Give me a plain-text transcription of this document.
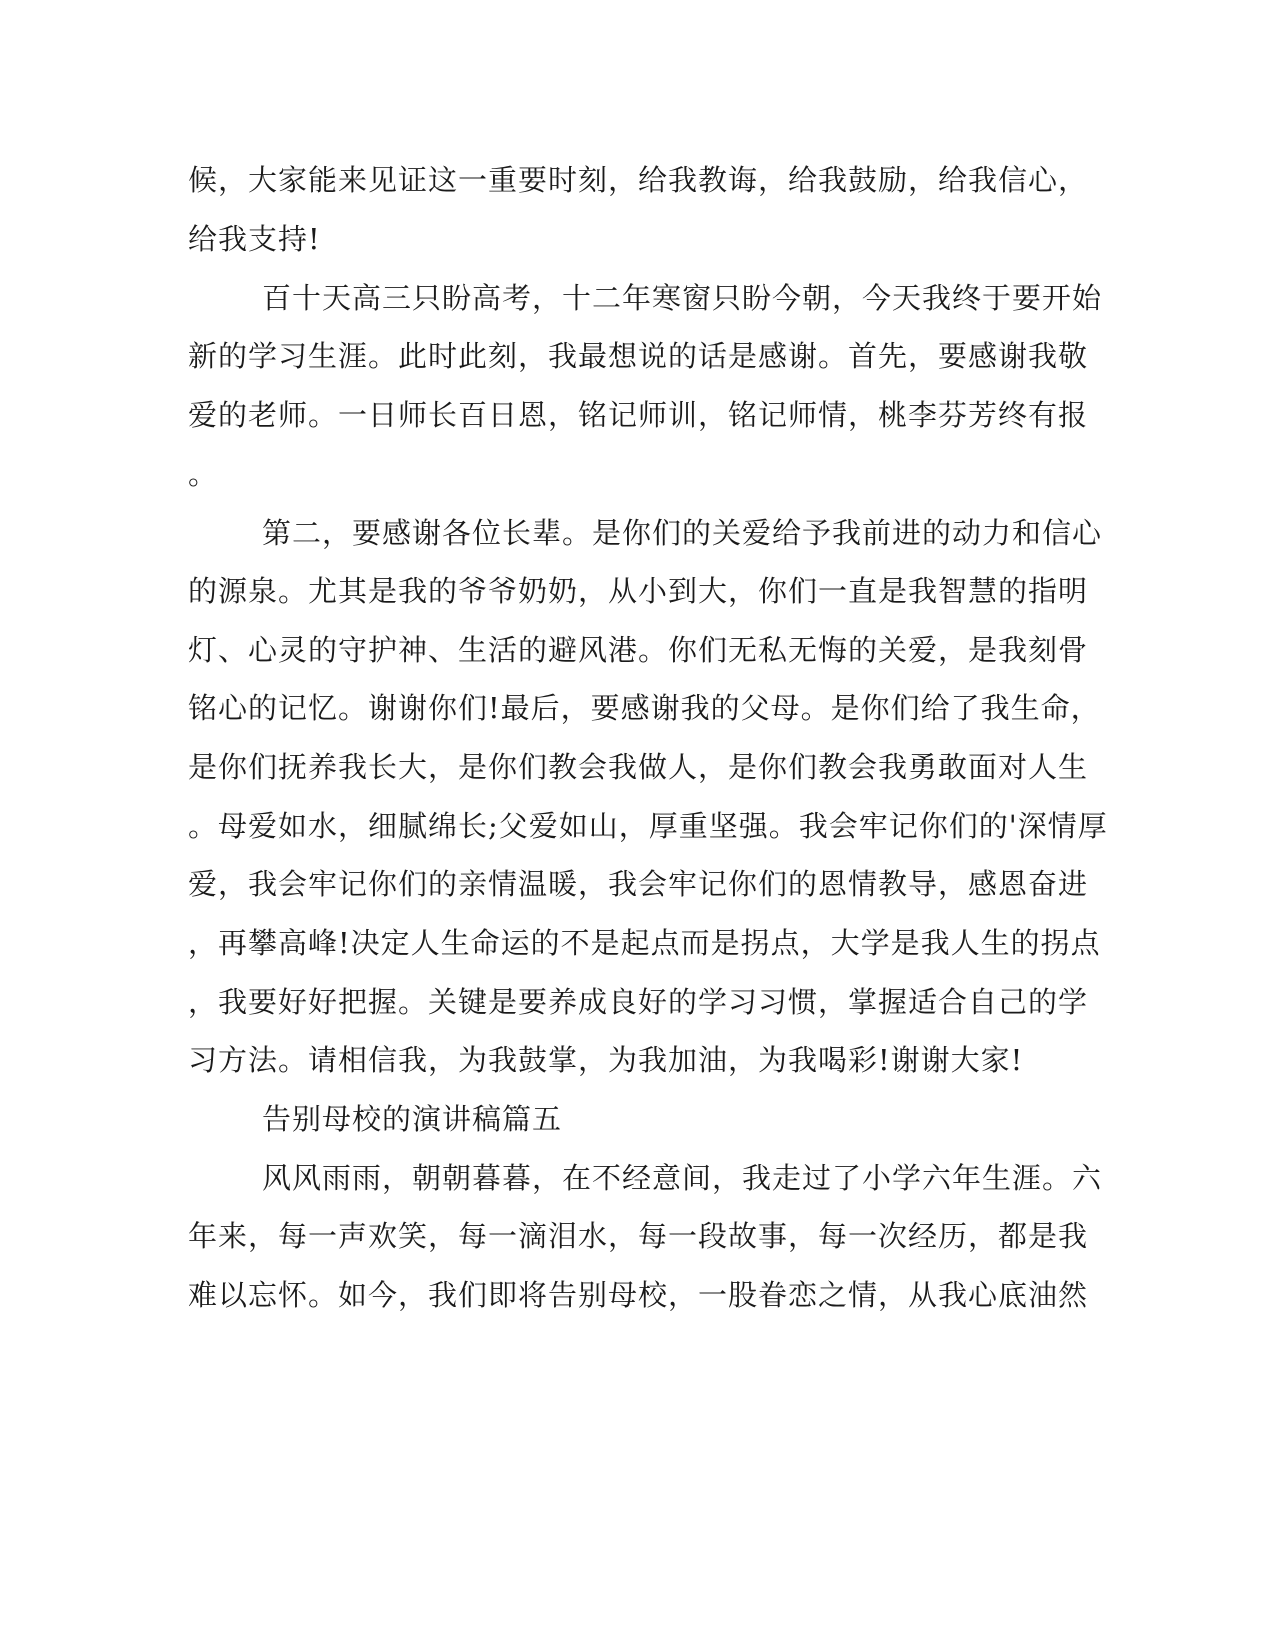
候，大家能来见证这一重要时刻，给我教诲，给我鼓励，给我信心，
给我支持!
百十天高三只盼高考，十二年寒窗只盼今朝，今天我终于要开始
新的学习生涯。此时此刻，我最想说的话是感谢。首先，要感谢我敬
爱的老师。一日师长百日恩，铭记师训，铭记师情，桃李芬芳终有报
。
第二，要感谢各位长辈。是你们的关爱给予我前进的动力和信心
的源泉。尤其是我的爷爷奶奶，从小到大，你们一直是我智慧的指明
灯、心灵的守护神、生活的避风港。你们无私无悔的关爱，是我刻骨
铭心的记忆。谢谢你们!最后，要感谢我的父母。是你们给了我生命，
是你们抚养我长大，是你们教会我做人，是你们教会我勇敢面对人生
。母爱如水，细腻绵长;父爱如山，厚重坚强。我会牢记你们的'深情厚
爱，我会牢记你们的亲情温暖，我会牢记你们的恩情教导，感恩奋进
，再攀高峰!决定人生命运的不是起点而是拐点，大学是我人生的拐点
，我要好好把握。关键是要养成良好的学习习惯，掌握适合自己的学
习方法。请相信我，为我鼓掌，为我加油，为我喝彩!谢谢大家!
告别母校的演讲稿篇五
风风雨雨，朝朝暮暮，在不经意间，我走过了小学六年生涯。六
年来，每一声欢笑，每一滴泪水，每一段故事，每一次经历，都是我
难以忘怀。如今，我们即将告别母校，一股眷恋之情，从我心底油然
